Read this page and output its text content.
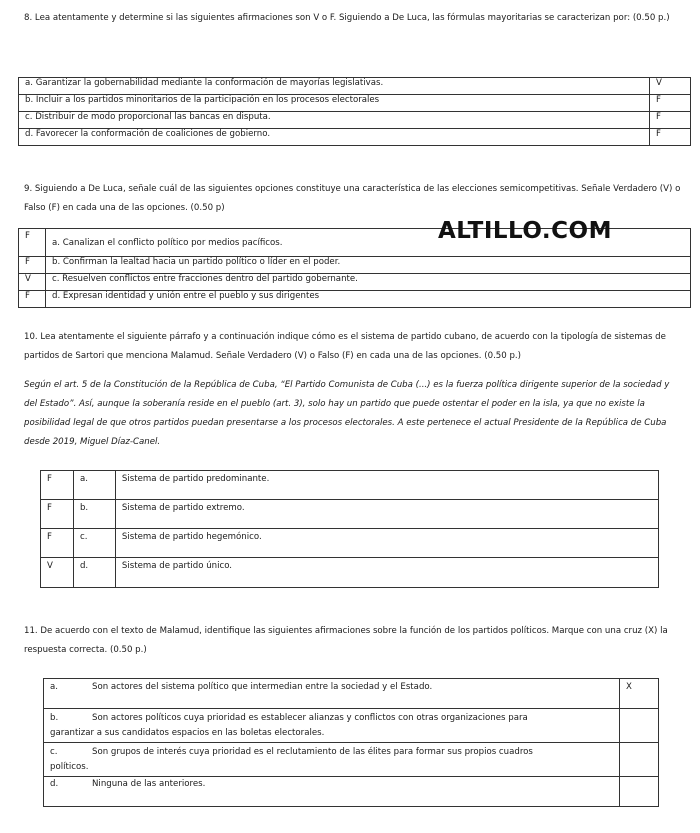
8. Lea atentamente y determine si las siguientes afirmaciones son V o F. Siguiendo a De Luca, las fórmulas mayoritarias se caracterizan por: (0.50 p.)
a. Garantizar la gobernabilidad mediante la conformación de mayorías legislativas.	V
b. Incluir a los partidos minoritarios de la participación en los procesos electorales	F
c. Distribuir de modo proporcional las bancas en disputa.	F
d. Favorecer la conformación de coaliciones de gobierno.	F
9. Siguiendo a De Luca, señale cuál de las siguientes opciones constituye una característica de las elecciones semicompetitivas. Señale Verdadero (V) o Falso (F) en cada una de las opciones. (0.50 p)
F	a. Canalizan el conflicto político por medios pacíficos.
F	b. Confirman la lealtad hacia un partido político o líder en el poder.
V	c. Resuelven conflictos entre fracciones dentro del partido gobernante.
F	d. Expresan identidad y unión entre el pueblo y sus dirigentes
ALTILLO.COM
10. Lea atentamente el siguiente párrafo y a continuación indique cómo es el sistema de partido cubano, de acuerdo con la tipología de sistemas de partidos de Sartori que menciona Malamud. Señale Verdadero (V) o Falso (F) en cada una de las opciones. (0.50 p.)
Según el art. 5 de la Constitución de la República de Cuba, “El Partido Comunista de Cuba (...) es la fuerza política dirigente superior de la sociedad y del Estado”. Así, aunque la soberanía reside en el pueblo (art. 3), solo hay un partido que puede ostentar el poder en la isla, ya que no existe la posibilidad legal de que otros partidos puedan presentarse a los procesos electorales. A este pertenece el actual Presidente de la República de Cuba desde 2019, Miguel Díaz-Canel.
F	a.	Sistema de partido predominante.
F	b.	Sistema de partido extremo.
F	c.	Sistema de partido hegemónico.
V	d.	Sistema de partido único.
11. De acuerdo con el texto de Malamud, identifique las siguientes afirmaciones sobre la función de los partidos políticos. Marque con una cruz (X) la respuesta correcta. (0.50 p.)
a. Son actores del sistema político que intermedian entre la sociedad y el Estado.	X
b. Son actores políticos cuya prioridad es establecer alianzas y conflictos con otras organizaciones para
garantizar a sus candidatos espacios en las boletas electorales.	
c. Son grupos de interés cuya prioridad es el reclutamiento de las élites para formar sus propios cuadros
políticos.	
d. Ninguna de las anteriores.	
